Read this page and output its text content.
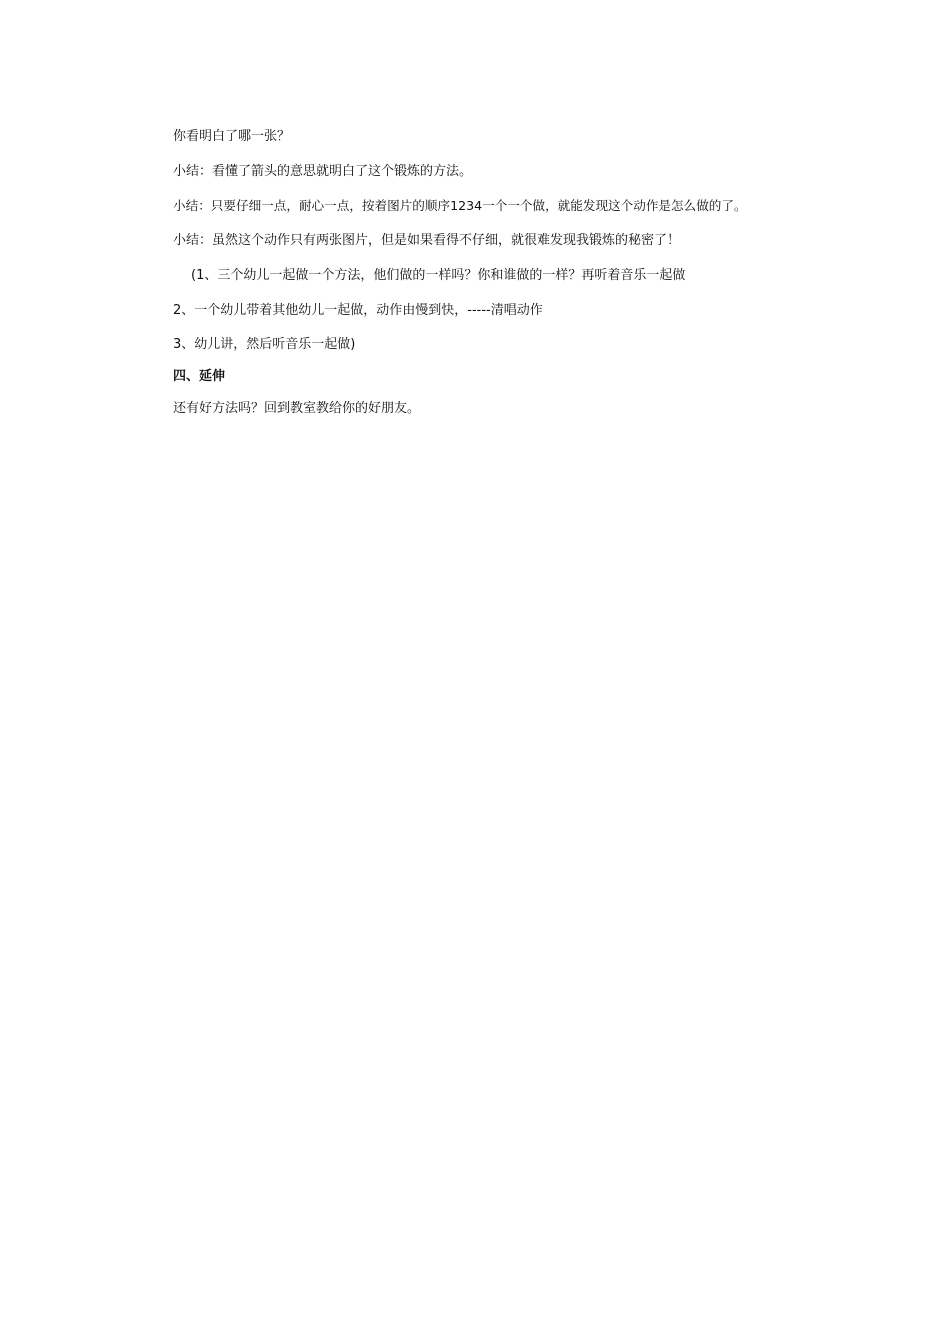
你看明白了哪一张？
小结：看懂了箭头的意思就明白了这个锻炼的方法。
小结：只要仔细一点，耐心一点，按着图片的顺序1234一个一个做，就能发现这个动作是怎么做的了。
小结：虽然这个动作只有两张图片，但是如果看得不仔细，就很难发现我锻炼的秘密了！
(1、三个幼儿一起做一个方法，他们做的一样吗？你和谁做的一样？再听着音乐一起做
2、一个幼儿带着其他幼儿一起做，动作由慢到快，-----清唱动作
3、幼儿讲，然后听音乐一起做)
四、延伸
还有好方法吗？回到教室教给你的好朋友。
